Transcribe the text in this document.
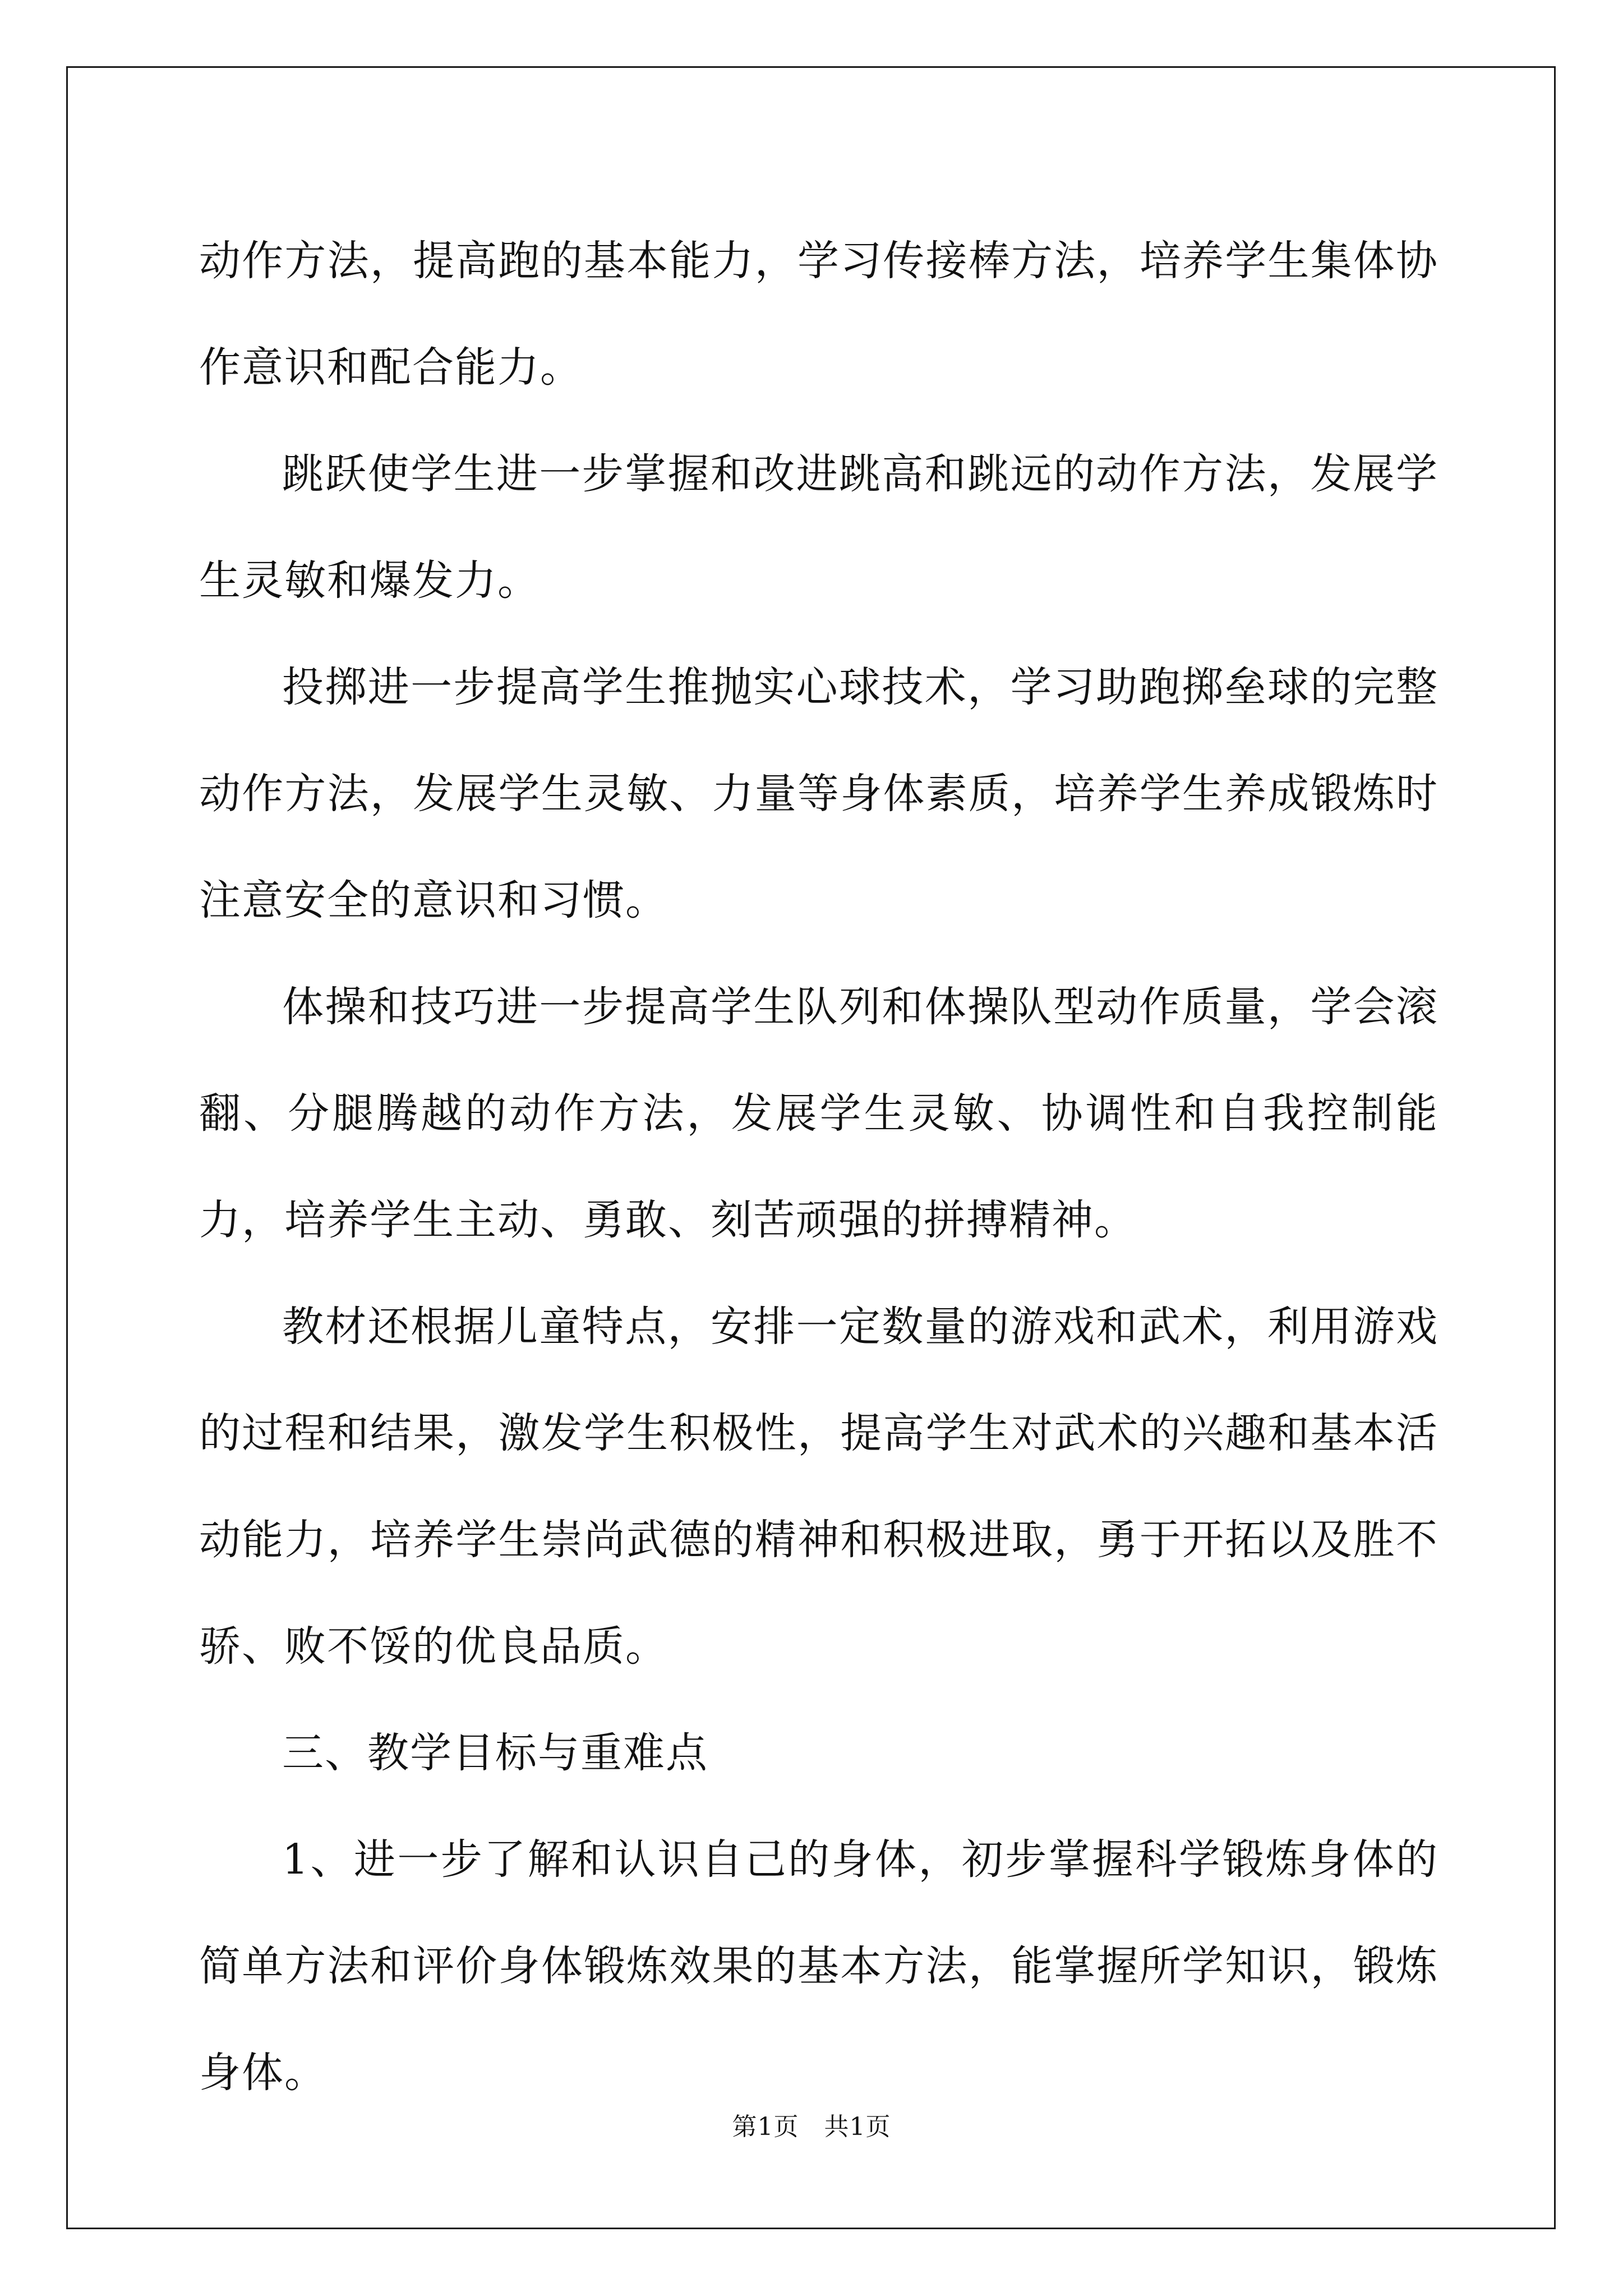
动作方法，提高跑的基本能力，学习传接棒方法，培养学生集体协作意识和配合能力。

跳跃使学生进一步掌握和改进跳高和跳远的动作方法，发展学生灵敏和爆发力。

投掷进一步提高学生推抛实心球技术，学习助跑掷垒球的完整动作方法，发展学生灵敏、力量等身体素质，培养学生养成锻炼时注意安全的意识和习惯。

体操和技巧进一步提高学生队列和体操队型动作质量，学会滚翻、分腿腾越的动作方法，发展学生灵敏、协调性和自我控制能力，培养学生主动、勇敢、刻苦顽强的拼搏精神。

教材还根据儿童特点，安排一定数量的游戏和武术，利用游戏的过程和结果，激发学生积极性，提高学生对武术的兴趣和基本活动能力，培养学生崇尚武德的精神和积极进取，勇于开拓以及胜不骄、败不馁的优良品质。

三、教学目标与重难点

1、进一步了解和认识自己的身体，初步掌握科学锻炼身体的简单方法和评价身体锻炼效果的基本方法，能掌握所学知识，锻炼身体。

第1页　共1页
